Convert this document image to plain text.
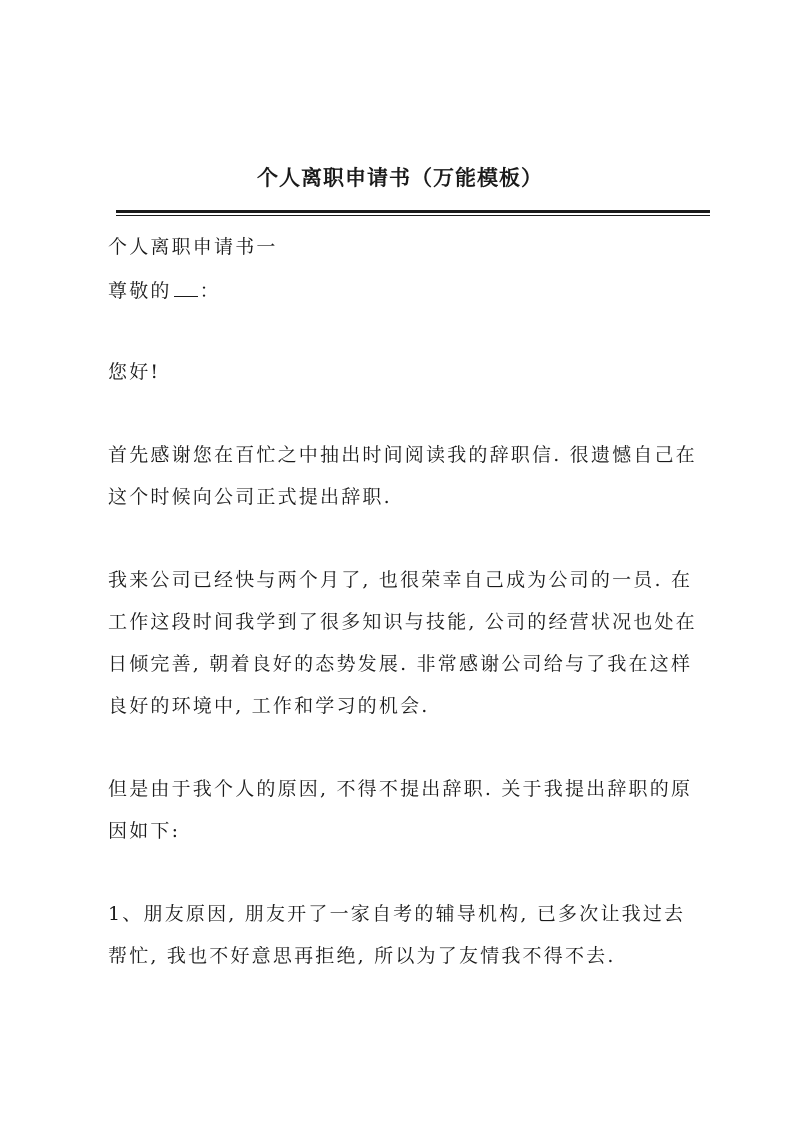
个人离职申请书（万能模板）

个人离职申请书一

尊敬的 ：

您好!

首先感谢您在百忙之中抽出时间阅读我的辞职信. 很遗憾自己在

这个时候向公司正式提出辞职.

我来公司已经快与两个月了, 也很荣幸自己成为公司的一员. 在

工作这段时间我学到了很多知识与技能, 公司的经营状况也处在

日倾完善, 朝着良好的态势发展. 非常感谢公司给与了我在这样

良好的环境中, 工作和学习的机会.

但是由于我个人的原因, 不得不提出辞职. 关于我提出辞职的原

因如下:

1、朋友原因, 朋友开了一家自考的辅导机构, 已多次让我过去

帮忙, 我也不好意思再拒绝, 所以为了友情我不得不去.
